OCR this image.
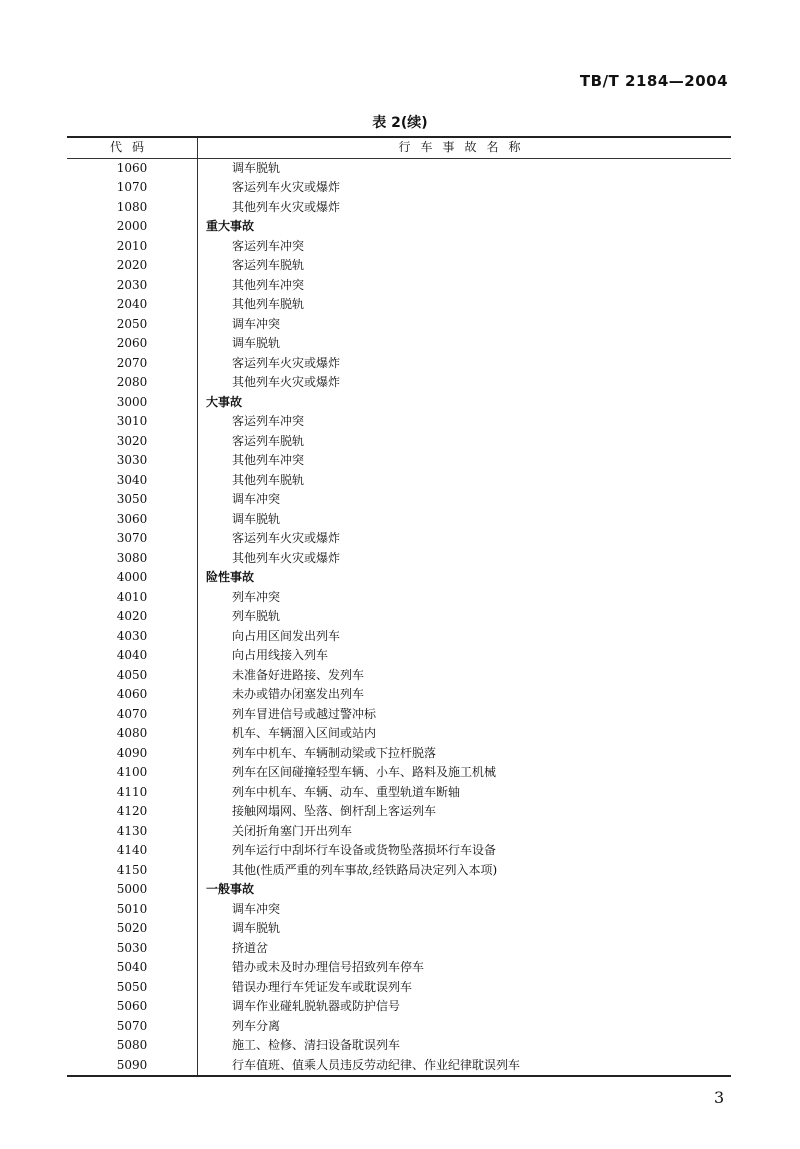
TB/T 2184—2004
表 2(续)
代码	行车事故名称
1060	调车脱轨
1070	客运列车火灾或爆炸
1080	其他列车火灾或爆炸
2000	重大事故
2010	客运列车冲突
2020	客运列车脱轨
2030	其他列车冲突
2040	其他列车脱轨
2050	调车冲突
2060	调车脱轨
2070	客运列车火灾或爆炸
2080	其他列车火灾或爆炸
3000	大事故
3010	客运列车冲突
3020	客运列车脱轨
3030	其他列车冲突
3040	其他列车脱轨
3050	调车冲突
3060	调车脱轨
3070	客运列车火灾或爆炸
3080	其他列车火灾或爆炸
4000	险性事故
4010	列车冲突
4020	列车脱轨
4030	向占用区间发出列车
4040	向占用线接入列车
4050	未准备好进路接、发列车
4060	未办或错办闭塞发出列车
4070	列车冒进信号或越过警冲标
4080	机车、车辆溜入区间或站内
4090	列车中机车、车辆制动梁或下拉杆脱落
4100	列车在区间碰撞轻型车辆、小车、路料及施工机械
4110	列车中机车、车辆、动车、重型轨道车断轴
4120	接触网塌网、坠落、倒杆刮上客运列车
4130	关闭折角塞门开出列车
4140	列车运行中刮坏行车设备或货物坠落损坏行车设备
4150	其他(性质严重的列车事故,经铁路局决定列入本项)
5000	一般事故
5010	调车冲突
5020	调车脱轨
5030	挤道岔
5040	错办或未及时办理信号招致列车停车
5050	错误办理行车凭证发车或耽误列车
5060	调车作业碰轧脱轨器或防护信号
5070	列车分离
5080	施工、检修、清扫设备耽误列车
5090	行车值班、值乘人员违反劳动纪律、作业纪律耽误列车
3
